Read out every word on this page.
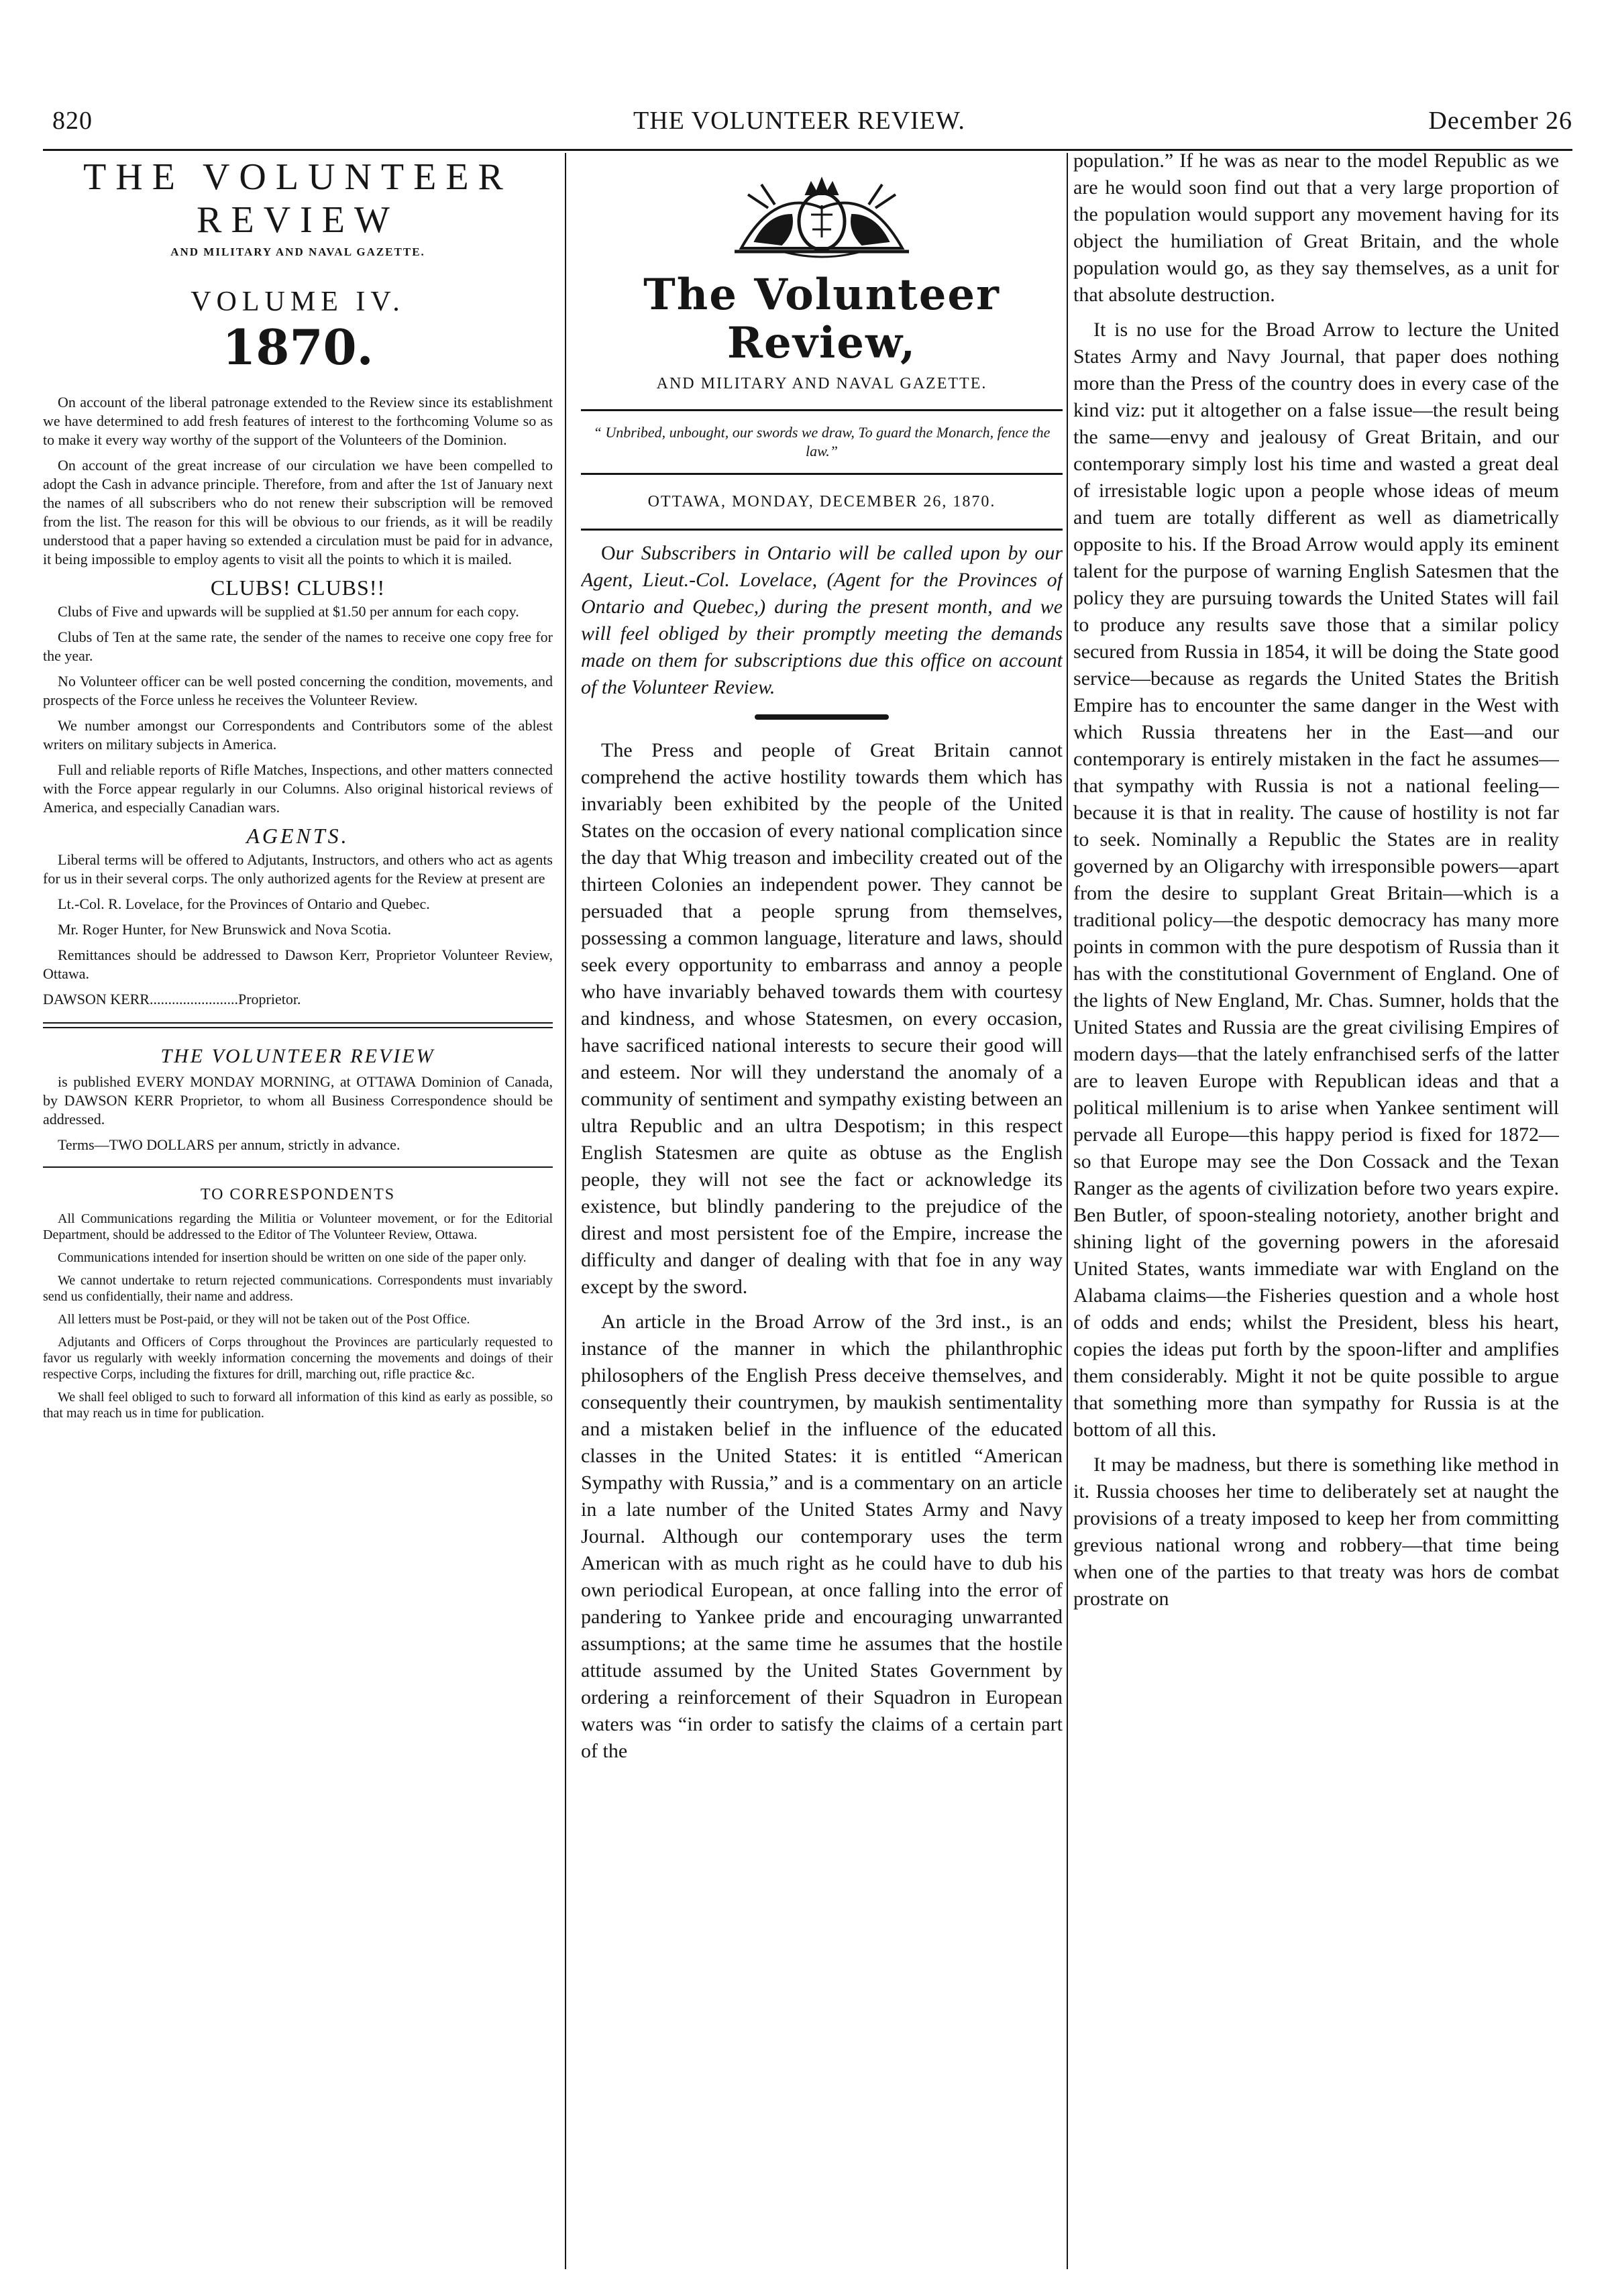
820	THE VOLUNTEER REVIEW.	December 26
THE VOLUNTEER REVIEW
AND MILITARY AND NAVAL GAZETTE.
VOLUME IV.
1870.

On account of the liberal patronage extended to the Review since its establishment we have determined to add fresh features of interest to the forthcoming Volume so as to make it every way worthy of the support of the Volunteers of the Dominion.

On account of the great increase of our circulation we have been compelled to adopt the Cash in advance principle. Therefore, from and after the 1st of January next the names of all subscribers who do not renew their subscription will be removed from the list. The reason for this will be obvious to our friends, as it will be readily understood that a paper having so extended a circulation must be paid for in advance, it being impossible to employ agents to visit all the points to which it is mailed.

CLUBS! CLUBS!!

Clubs of Five and upwards will be supplied at $1.50 per annum for each copy.

Clubs of Ten at the same rate, the sender of the names to receive one copy free for the year.

No Volunteer officer can be well posted concerning the condition, movements, and prospects of the Force unless he receives the Volunteer Review.

We number amongst our Correspondents and Contributors some of the ablest writers on military subjects in America.

Full and reliable reports of Rifle Matches, Inspections, and other matters connected with the Force appear regularly in our Columns. Also original historical reviews of America, and especially Canadian wars.

AGENTS.

Liberal terms will be offered to Adjutants, Instructors, and others who act as agents for us in their several corps. The only authorized agents for the Review at present are

Lt.-Col. R. Lovelace, for the Provinces of Ontario and Quebec.

Mr. Roger Hunter, for New Brunswick and Nova Scotia.

Remittances should be addressed to Dawson Kerr, Proprietor Volunteer Review, Ottawa.

DAWSON KERR........................Proprietor.

THE VOLUNTEER REVIEW

is published EVERY MONDAY MORNING, at OTTAWA Dominion of Canada, by DAWSON KERR Proprietor, to whom all Business Correspondence should be addressed.

Terms—TWO DOLLARS per annum, strictly in advance.

TO CORRESPONDENTS

All Communications regarding the Militia or Volunteer movement, or for the Editorial Department, should be addressed to the Editor of The Volunteer Review, Ottawa.

Communications intended for insertion should be written on one side of the paper only.

We cannot undertake to return rejected communications. Correspondents must invariably send us confidentially, their name and address.

All letters must be Post-paid, or they will not be taken out of the Post Office.

Adjutants and Officers of Corps throughout the Provinces are particularly requested to favor us regularly with weekly information concerning the movements and doings of their respective Corps, including the fixtures for drill, marching out, rifle practice &c.

We shall feel obliged to such to forward all information of this kind as early as possible, so that may reach us in time for publication.

The Volunteer Review,
AND MILITARY AND NAVAL GAZETTE.
“ Unbribed, unbought, our swords we draw, To guard the Monarch, fence the law.”
OTTAWA, MONDAY, DECEMBER 26, 1870.

Our Subscribers in Ontario will be called upon by our Agent, Lieut.-Col. Lovelace, (Agent for the Provinces of Ontario and Quebec,) during the present month, and we will feel obliged by their promptly meeting the demands made on them for subscriptions due this office on account of the Volunteer Review.

The Press and people of Great Britain cannot comprehend the active hostility towards them which has invariably been exhibited by the people of the United States on the occasion of every national complication since the day that Whig treason and imbecility created out of the thirteen Colonies an independent power. They cannot be persuaded that a people sprung from themselves, possessing a common language, literature and laws, should seek every opportunity to embarrass and annoy a people who have invariably behaved towards them with courtesy and kindness, and whose Statesmen, on every occasion, have sacrificed national interests to secure their good will and esteem. Nor will they understand the anomaly of a community of sentiment and sympathy existing between an ultra Republic and an ultra Despotism; in this respect English Statesmen are quite as obtuse as the English people, they will not see the fact or acknowledge its existence, but blindly pandering to the prejudice of the direst and most persistent foe of the Empire, increase the difficulty and danger of dealing with that foe in any way except by the sword.

An article in the Broad Arrow of the 3rd inst., is an instance of the manner in which the philanthrophic philosophers of the English Press deceive themselves, and consequently their countrymen, by maukish sentimentality and a mistaken belief in the influence of the educated classes in the United States: it is entitled “American Sympathy with Russia,” and is a commentary on an article in a late number of the United States Army and Navy Journal. Although our contemporary uses the term American with as much right as he could have to dub his own periodical European, at once falling into the error of pandering to Yankee pride and encouraging unwarranted assumptions; at the same time he assumes that the hostile attitude assumed by the United States Government by ordering a reinforcement of their Squadron in European waters was “in order to satisfy the claims of a certain part of the

population.” If he was as near to the model Republic as we are he would soon find out that a very large proportion of the population would support any movement having for its object the humiliation of Great Britain, and the whole population would go, as they say themselves, as a unit for that absolute destruction.

It is no use for the Broad Arrow to lecture the United States Army and Navy Journal, that paper does nothing more than the Press of the country does in every case of the kind viz: put it altogether on a false issue—the result being the same—envy and jealousy of Great Britain, and our contemporary simply lost his time and wasted a great deal of irresistable logic upon a people whose ideas of meum and tuem are totally different as well as diametrically opposite to his. If the Broad Arrow would apply its eminent talent for the purpose of warning English Satesmen that the policy they are pursuing towards the United States will fail to produce any results save those that a similar policy secured from Russia in 1854, it will be doing the State good service—because as regards the United States the British Empire has to encounter the same danger in the West with which Russia threatens her in the East—and our contemporary is entirely mistaken in the fact he assumes—that sympathy with Russia is not a national feeling—because it is that in reality. The cause of hostility is not far to seek. Nominally a Republic the States are in reality governed by an Oligarchy with irresponsible powers—apart from the desire to supplant Great Britain—which is a traditional policy—the despotic democracy has many more points in common with the pure despotism of Russia than it has with the constitutional Government of England. One of the lights of New England, Mr. Chas. Sumner, holds that the United States and Russia are the great civilising Empires of modern days—that the lately enfranchised serfs of the latter are to leaven Europe with Republican ideas and that a political millenium is to arise when Yankee sentiment will pervade all Europe—this happy period is fixed for 1872—so that Europe may see the Don Cossack and the Texan Ranger as the agents of civilization before two years expire. Ben Butler, of spoon-stealing notoriety, another bright and shining light of the governing powers in the aforesaid United States, wants immediate war with England on the Alabama claims—the Fisheries question and a whole host of odds and ends; whilst the President, bless his heart, copies the ideas put forth by the spoon-lifter and amplifies them considerably. Might it not be quite possible to argue that something more than sympathy for Russia is at the bottom of all this.

It may be madness, but there is something like method in it. Russia chooses her time to deliberately set at naught the provisions of a treaty imposed to keep her from committing grevious national wrong and robbery—that time being when one of the parties to that treaty was hors de combat prostrate on
